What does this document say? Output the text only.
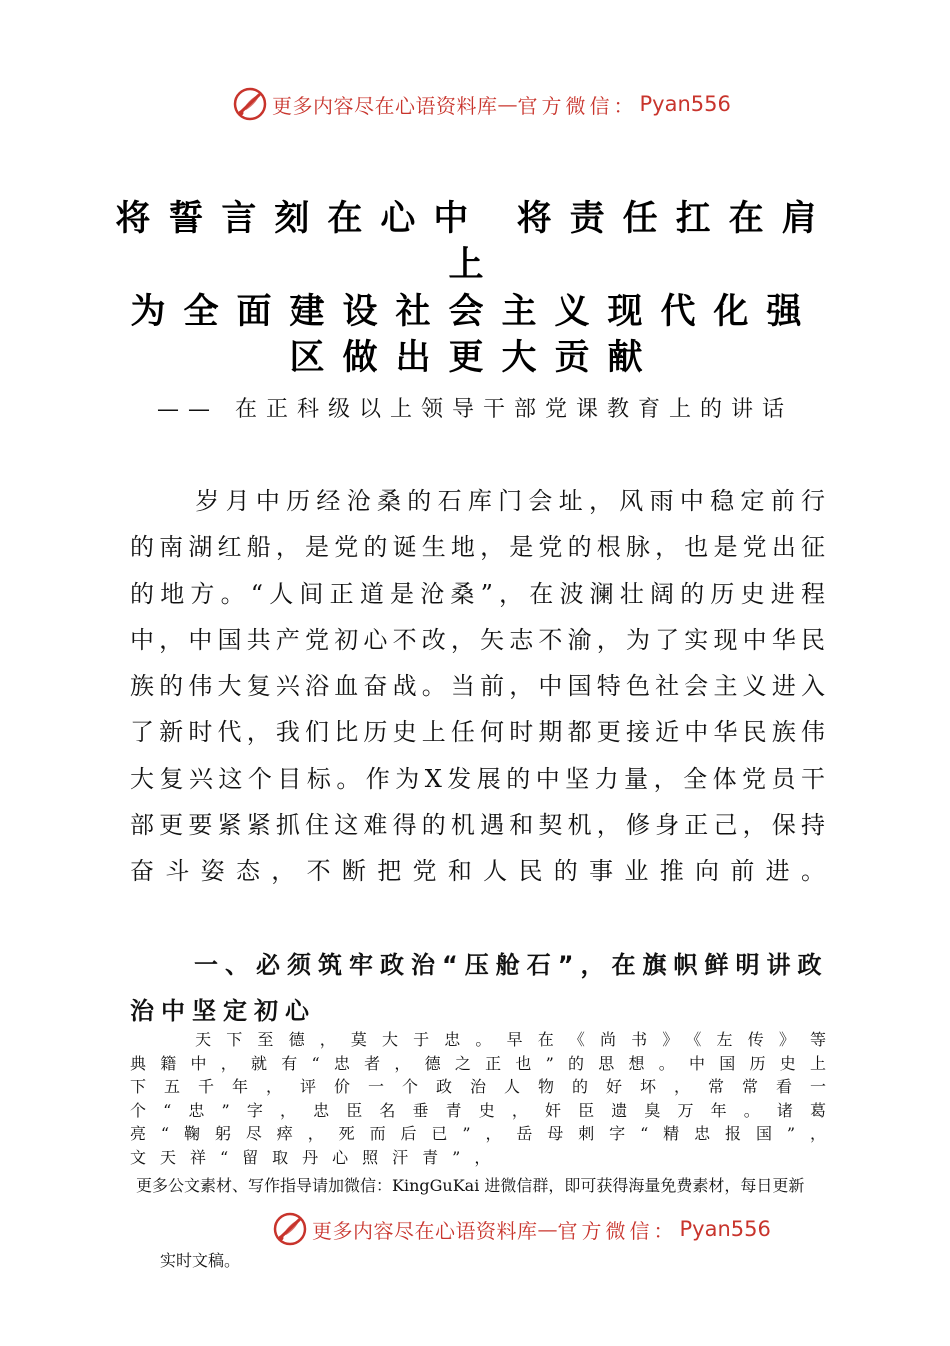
更多内容尽在心语资料库 — 官方微信： Pyan556
将誓言刻在心中 将责任扛在肩上
为全面建设社会主义现代化强区做出更大贡献
—— 在正科级以上领导干部党课教育上的讲话

岁月中历经沧桑的石库门会址，风雨中稳定前行的南湖红船，是党的诞生地，是党的根脉，也是党出征的地方。“人间正道是沧桑”，在波澜壮阔的历史进程中，中国共产党初心不改，矢志不渝，为了实现中华民族的伟大复兴浴血奋战。当前，中国特色社会主义进入了新时代，我们比历史上任何时期都更接近中华民族伟大复兴这个目标。作为X发展的中坚力量，全体党员干部更要紧紧抓住这难得的机遇和契机，修身正己，保持奋斗姿态，不断把党和人民的事业推向前进。

一、必须筑牢政治“压舱石”，在旗帜鲜明讲政治中坚定初心

天下至德，莫大于忠。早在《尚书》《左传》等典籍中，就有“忠者，德之正也”的思想。中国历史上下五千年，评价一个政治人物的好坏，常常看一个“忠”字，忠臣名垂青史，奸臣遗臭万年。诸葛亮“鞠躬尽瘁，死而后已”，岳母刺字“精忠报国”，文天祥“留取丹心照汗青”，

更多公文素材、写作指导请加微信：KingGuKai 进微信群，即可获得海量免费素材，每日更新
更多内容尽在心语资料库 — 官方微信： Pyan556
实时文稿。
